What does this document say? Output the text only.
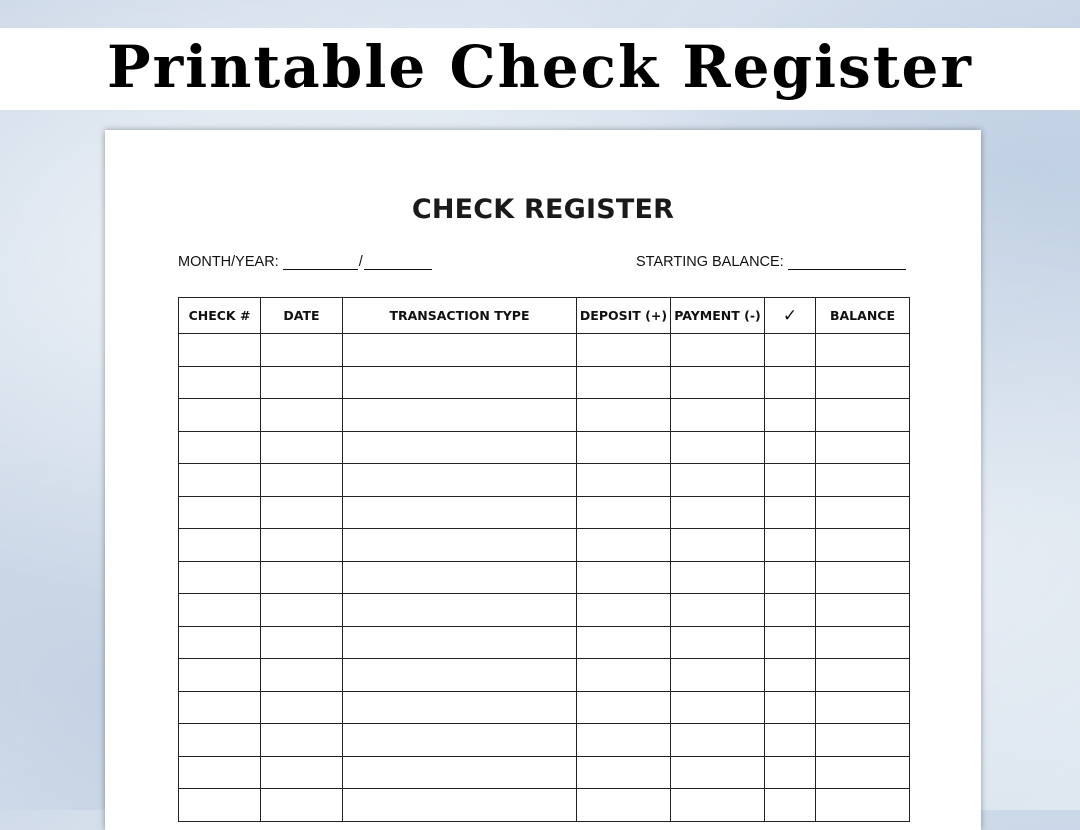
Printable Check Register
CHECK REGISTER
MONTH/YEAR:	/	STARTING BALANCE:
CHECK #	DATE	TRANSACTION TYPE	DEPOSIT (+)	PAYMENT (-)	✓	BALANCE
